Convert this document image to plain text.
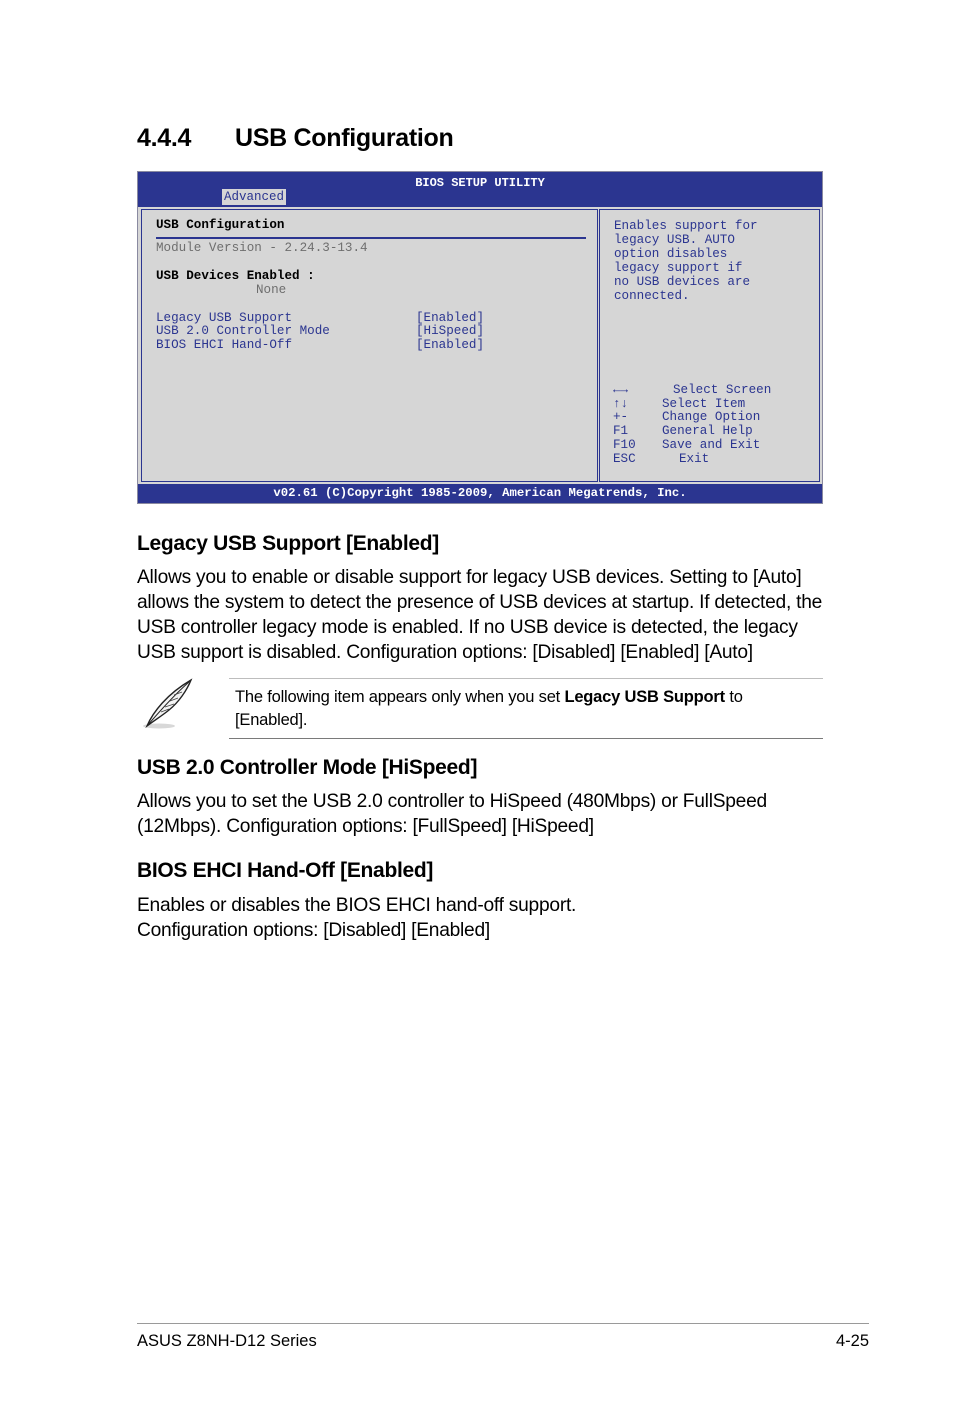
4.4.4 USB Configuration
BIOS SETUP UTILITY
Advanced
USB Configuration
Module Version - 2.24.3-13.4
USB Devices Enabled :
None
Legacy USB Support	[Enabled]
USB 2.0 Controller Mode	[HiSpeed]
BIOS EHCI Hand-Off	[Enabled]
Enables support for
legacy USB. AUTO
option disables
legacy support if
no USB devices are
connected.
←→	Select Screen
↑↓	Select Item
+-	Change Option
F1	General Help
F10 Save and Exit
ESC	Exit
v02.61 (C)Copyright 1985-2009, American Megatrends, Inc.
Legacy USB Support [Enabled]
Allows you to enable or disable support for legacy USB devices. Setting to [Auto]
allows the system to detect the presence of USB devices at startup. If detected, the
USB controller legacy mode is enabled. If no USB device is detected, the legacy
USB support is disabled. Configuration options: [Disabled] [Enabled] [Auto]
The following item appears only when you set Legacy USB Support to
[Enabled].
USB 2.0 Controller Mode [HiSpeed]
Allows you to set the USB 2.0 controller to HiSpeed (480Mbps) or FullSpeed
(12Mbps). Configuration options: [FullSpeed] [HiSpeed]
BIOS EHCI Hand-Off [Enabled]
Enables or disables the BIOS EHCI hand-off support.
Configuration options: [Disabled] [Enabled]
ASUS Z8NH-D12 Series	4-25
